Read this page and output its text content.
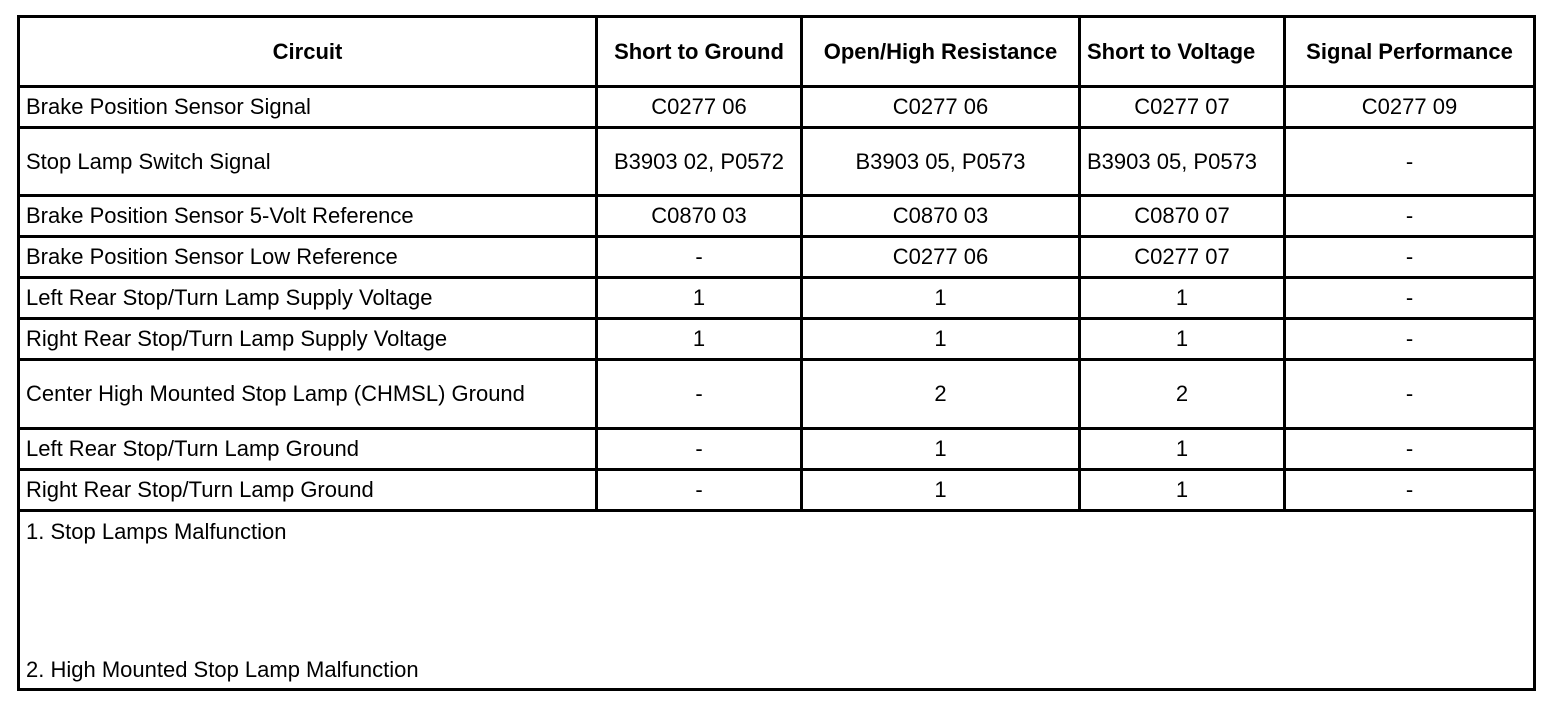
Circuit	Short to Ground	Open/High Resistance	Short to Voltage	Signal Performance
Brake Position Sensor Signal	C0277 06	C0277 06	C0277 07	C0277 09
Stop Lamp Switch Signal	B3903 02, P0572	B3903 05, P0573	B3903 05, P0573	-
Brake Position Sensor 5-Volt Reference	C0870 03	C0870 03	C0870 07	-
Brake Position Sensor Low Reference	-	C0277 06	C0277 07	-
Left Rear Stop/Turn Lamp Supply Voltage	1	1	1	-
Right Rear Stop/Turn Lamp Supply Voltage	1	1	1	-
Center High Mounted Stop Lamp (CHMSL) Ground	-	2	2	-
Left Rear Stop/Turn Lamp Ground	-	1	1	-
Right Rear Stop/Turn Lamp Ground	-	1	1	-

1. Stop Lamps Malfunction
2. High Mounted Stop Lamp Malfunction				
